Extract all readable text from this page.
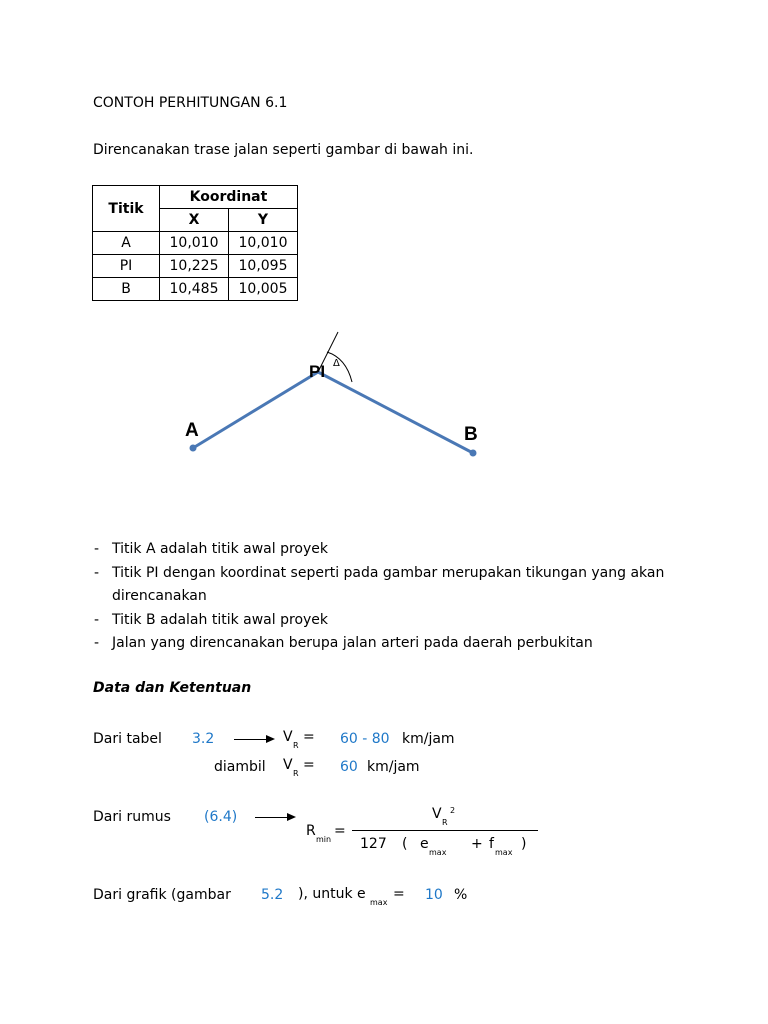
CONTOH PERHITUNGAN 6.1
Direncanakan trase jalan seperti gambar di bawah ini.
Titik	Koordinat	
	X	Y
A	10,010	10,010
PI	10,225	10,095
B	10,485	10,005
A
PI
B
Δ
- Titik A adalah titik awal proyek
- Titik PI dengan koordinat seperti pada gambar merupakan tikungan yang akan direncanakan
- Titik B adalah titik awal proyek
- Jalan yang direncanakan berupa jalan arteri pada daerah perbukitan
Data dan Ketentuan
Dari tabel 3.2	V
R
= 60 - 80 km/jam
diambil V
R
= 60 km/jam
Dari rumus (6.4)
R
min
=
V
R
2
127 ( e
max
+ f
max
)
Dari grafik (gambar 5.2 ), untuk e
max
= 10 %
